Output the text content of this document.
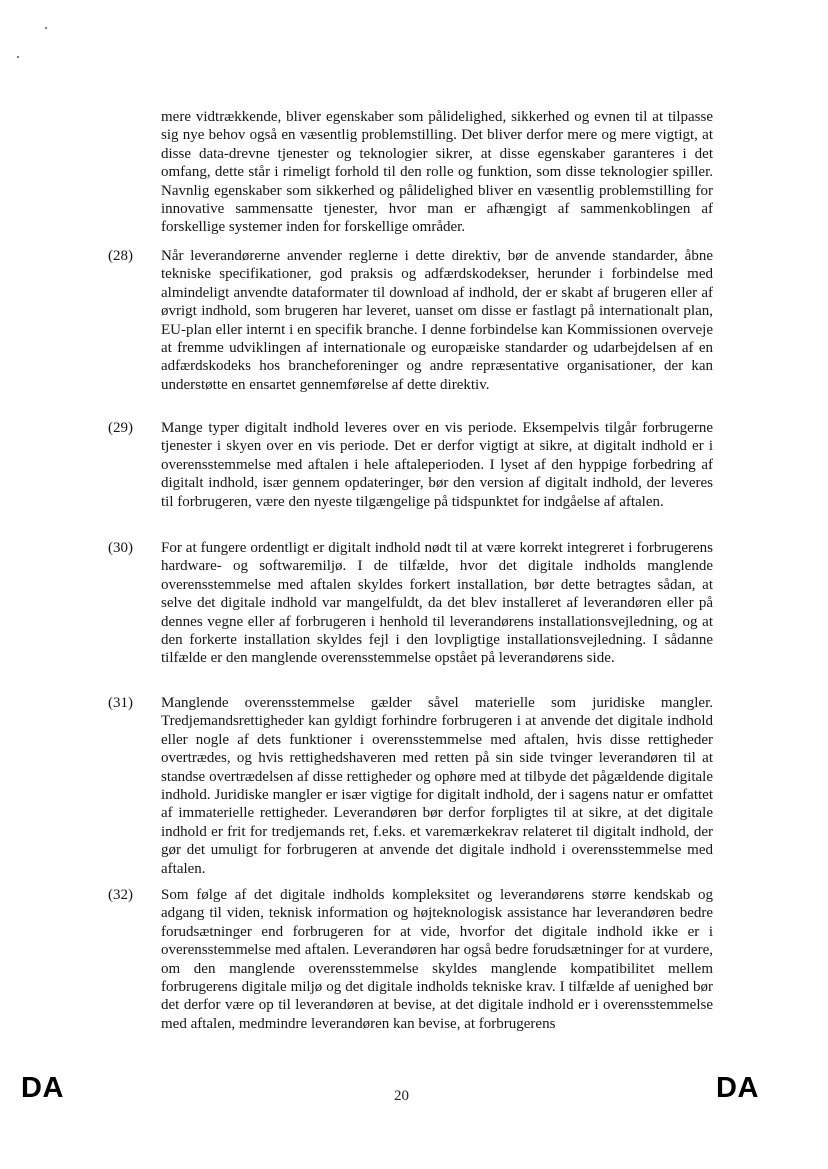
mere vidtrækkende, bliver egenskaber som pålidelighed, sikkerhed og evnen til at tilpasse sig nye behov også en væsentlig problemstilling. Det bliver derfor mere og mere vigtigt, at disse data-drevne tjenester og teknologier sikrer, at disse egenskaber garanteres i det omfang, dette står i rimeligt forhold til den rolle og funktion, som disse teknologier spiller. Navnlig egenskaber som sikkerhed og pålidelighed bliver en væsentlig problemstilling for innovative sammensatte tjenester, hvor man er afhængigt af sammenkoblingen af forskellige systemer inden for forskellige områder.

(28) Når leverandørerne anvender reglerne i dette direktiv, bør de anvende standarder, åbne tekniske specifikationer, god praksis og adfærdskodekser, herunder i forbindelse med almindeligt anvendte dataformater til download af indhold, der er skabt af brugeren eller af øvrigt indhold, som brugeren har leveret, uanset om disse er fastlagt på internationalt plan, EU-plan eller internt i en specifik branche. I denne forbindelse kan Kommissionen overveje at fremme udviklingen af internationale og europæiske standarder og udarbejdelsen af en adfærdskodeks hos brancheforeninger og andre repræsentative organisationer, der kan understøtte en ensartet gennemførelse af dette direktiv.

(29) Mange typer digitalt indhold leveres over en vis periode. Eksempelvis tilgår forbrugerne tjenester i skyen over en vis periode. Det er derfor vigtigt at sikre, at digitalt indhold er i overensstemmelse med aftalen i hele aftaleperioden. I lyset af den hyppige forbedring af digitalt indhold, især gennem opdateringer, bør den version af digitalt indhold, der leveres til forbrugeren, være den nyeste tilgængelige på tidspunktet for indgåelse af aftalen.

(30) For at fungere ordentligt er digitalt indhold nødt til at være korrekt integreret i forbrugerens hardware- og softwaremiljø. I de tilfælde, hvor det digitale indholds manglende overensstemmelse med aftalen skyldes forkert installation, bør dette betragtes sådan, at selve det digitale indhold var mangelfuldt, da det blev installeret af leverandøren eller på dennes vegne eller af forbrugeren i henhold til leverandørens installationsvejledning, og at den forkerte installation skyldes fejl i den lovpligtige installationsvejledning. I sådanne tilfælde er den manglende overensstemmelse opstået på leverandørens side.

(31) Manglende overensstemmelse gælder såvel materielle som juridiske mangler. Tredjemandsrettigheder kan gyldigt forhindre forbrugeren i at anvende det digitale indhold eller nogle af dets funktioner i overensstemmelse med aftalen, hvis disse rettigheder overtrædes, og hvis rettighedshaveren med retten på sin side tvinger leverandøren til at standse overtrædelsen af disse rettigheder og ophøre med at tilbyde det pågældende digitale indhold. Juridiske mangler er især vigtige for digitalt indhold, der i sagens natur er omfattet af immaterielle rettigheder. Leverandøren bør derfor forpligtes til at sikre, at det digitale indhold er frit for tredjemands ret, f.eks. et varemærkekrav relateret til digitalt indhold, der gør det umuligt for forbrugeren at anvende det digitale indhold i overensstemmelse med aftalen.

(32) Som følge af det digitale indholds kompleksitet og leverandørens større kendskab og adgang til viden, teknisk information og højteknologisk assistance har leverandøren bedre forudsætninger end forbrugeren for at vide, hvorfor det digitale indhold ikke er i overensstemmelse med aftalen. Leverandøren har også bedre forudsætninger for at vurdere, om den manglende overensstemmelse skyldes manglende kompatibilitet mellem forbrugerens digitale miljø og det digitale indholds tekniske krav. I tilfælde af uenighed bør det derfor være op til leverandøren at bevise, at det digitale indhold er i overensstemmelse med aftalen, medmindre leverandøren kan bevise, at forbrugerens

DA	20	DA
